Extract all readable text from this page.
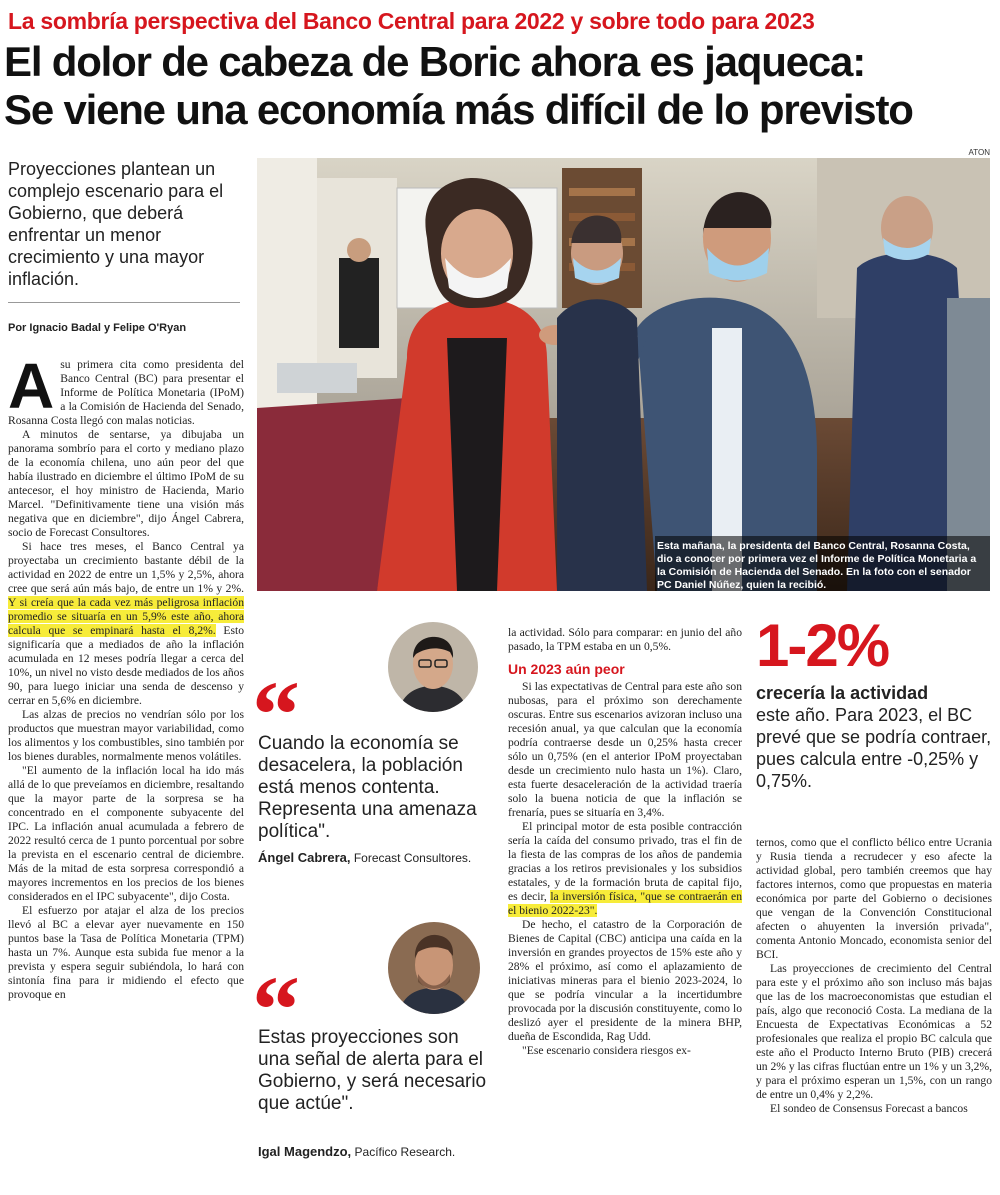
La sombría perspectiva del Banco Central para 2022 y sobre todo para 2023
El dolor de cabeza de Boric ahora es jaqueca:
Se viene una economía más difícil de lo previsto
ATON
Proyecciones plantean un complejo escenario para el Gobierno, que deberá enfrentar un menor crecimiento y una mayor inflación.
Por Ignacio Badal y Felipe O'Ryan
Esta mañana, la presidenta del Banco Central, Rosanna Costa, dio a conocer por primera vez el Informe de Política Monetaria a la Comisión de Hacienda del Senado. En la foto con el senador PC Daniel Núñez, quien la recibió.

Asu primera cita como presidenta del Banco Central (BC) para presentar el Informe de Política Monetaria (IPoM) a la Comisión de Hacienda del Senado, Rosanna Costa llegó con malas noticias.

A minutos de sentarse, ya dibujaba un panorama sombrío para el corto y mediano plazo de la economía chilena, uno aún peor del que había ilustrado en diciembre el último IPoM de su antecesor, el hoy ministro de Hacienda, Mario Marcel. "Definitivamente tiene una visión más negativa que en diciembre", dijo Ángel Cabrera, socio de Forecast Consultores.

Si hace tres meses, el Banco Central ya proyectaba un crecimiento bastante débil de la actividad en 2022 de entre un 1,5% y 2,5%, ahora cree que será aún más bajo, de entre un 1% y 2%. Y si creía que la cada vez más peligrosa inflación promedio se situaría en un 5,9% este año, ahora calcula que se empinará hasta el 8,2%. Esto significaría que a mediados de año la inflación acumulada en 12 meses podría llegar a cerca del 10%, un nivel no visto desde mediados de los años 90, para luego iniciar una senda de descenso y cerrar en 5,6% en diciembre.

Las alzas de precios no vendrían sólo por los productos que muestran mayor variabilidad, como los alimentos y los combustibles, sino también por los bienes durables, normalmente menos volátiles.

"El aumento de la inflación local ha ido más allá de lo que preveíamos en diciembre, resaltando que la mayor parte de la sorpresa se ha concentrado en el componente subyacente del IPC. La inflación anual acumulada a febrero de 2022 resultó cerca de 1 punto porcentual por sobre la prevista en el escenario central de diciembre. Más de la mitad de esta sorpresa correspondió a mayores incrementos en los precios de los bienes considerados en el IPC subyacente", dijo Costa.

El esfuerzo por atajar el alza de los precios llevó al BC a elevar ayer nuevamente en 150 puntos base la Tasa de Política Monetaria (TPM) hasta un 7%. Aunque esta subida fue menor a la prevista y espera seguir subiéndola, lo hará con sintonía fina para ir midiendo el efecto que provoque en

“
Cuando la economía se desacelera, la población está menos contenta. Representa una amenaza política".
Ángel Cabrera, Forecast Consultores.
“
Estas proyecciones son una señal de alerta para el Gobierno, y será necesario que actúe".
Igal Magendzo, Pacífico Research.

la actividad. Sólo para comparar: en junio del año pasado, la TPM estaba en un 0,5%.

Un 2023 aún peor

Si las expectativas de Central para este año son nubosas, para el próximo son derechamente oscuras. Entre sus escenarios avizoran incluso una recesión anual, ya que calculan que la economía podría contraerse desde un 0,25% hasta crecer sólo un 0,75% (en el anterior IPoM proyectaban desde un crecimiento nulo hasta un 1%). Claro, esta fuerte desaceleración de la actividad traería solo la buena noticia de que la inflación se frenaría, pues se situaría en 3,4%.

El principal motor de esta posible contracción sería la caída del consumo privado, tras el fin de la fiesta de las compras de los años de pandemia gracias a los retiros previsionales y los subsidios estatales, y de la formación bruta de capital fijo, es decir, la inversión física, "que se contraerán en el bienio 2022-23".

De hecho, el catastro de la Corporación de Bienes de Capital (CBC) anticipa una caída en la inversión en grandes proyectos de 15% este año y 28% el próximo, así como el aplazamiento de iniciativas mineras para el bienio 2023-2024, lo que se podría vincular a la incertidumbre provocada por la discusión constituyente, como lo deslizó ayer el presidente de la minera BHP, dueña de Escondida, Rag Udd.

"Ese escenario considera riesgos ex-

1-2%
crecería la actividad
este año. Para 2023, el BC prevé que se podría contraer, pues calcula entre -0,25% y 0,75%.

ternos, como que el conflicto bélico entre Ucrania y Rusia tienda a recrudecer y eso afecte la actividad global, pero también creemos que hay factores internos, como que propuestas en materia económica por parte del Gobierno o decisiones que vengan de la Convención Constitucional afecten o ahuyenten la inversión privada", comenta Antonio Moncado, economista senior del BCI.

Las proyecciones de crecimiento del Central para este y el próximo año son incluso más bajas que las de los macroeconomistas que estudian el país, algo que reconoció Costa. La mediana de la Encuesta de Expectativas Económicas a 52 profesionales que realiza el propio BC calcula que este año el Producto Interno Bruto (PIB) crecerá un 2% y las cifras fluctúan entre un 1% y un 3,2%, y para el próximo esperan un 1,5%, con un rango de entre un 0,4% y 2,2%.

El sondeo de Consensus Forecast a bancos
